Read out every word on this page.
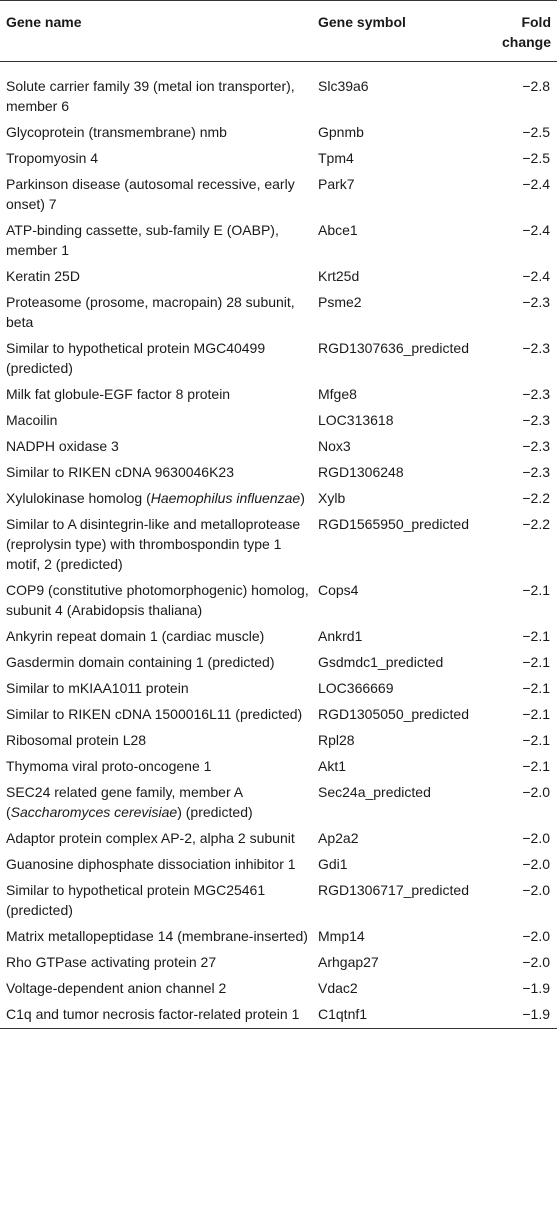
Gene name	Gene symbol	Fold
change
Solute carrier family 39 (metal ion transporter), member 6	Slc39a6	−2.8
Glycoprotein (transmembrane) nmb	Gpnmb	−2.5
Tropomyosin 4	Tpm4	−2.5
Parkinson disease (autosomal recessive, early onset) 7	Park7	−2.4
ATP-binding cassette, sub-family E (OABP), member 1	Abce1	−2.4
Keratin 25D	Krt25d	−2.4
Proteasome (prosome, macropain) 28 subunit, beta	Psme2	−2.3
Similar to hypothetical protein MGC40499 (predicted)	RGD1307636_predicted	−2.3
Milk fat globule-EGF factor 8 protein	Mfge8	−2.3
Macoilin	LOC313618	−2.3
NADPH oxidase 3	Nox3	−2.3
Similar to RIKEN cDNA 9630046K23	RGD1306248	−2.3
Xylulokinase homolog (Haemophilus influenzae)	Xylb	−2.2
Similar to A disintegrin-like and metalloprotease (reprolysin type) with thrombospondin type 1 motif, 2 (predicted)	RGD1565950_predicted	−2.2
COP9 (constitutive photomorphogenic) homolog, subunit 4 (Arabidopsis thaliana)	Cops4	−2.1
Ankyrin repeat domain 1 (cardiac muscle)	Ankrd1	−2.1
Gasdermin domain containing 1 (predicted)	Gsdmdc1_predicted	−2.1
Similar to mKIAA1011 protein	LOC366669	−2.1
Similar to RIKEN cDNA 1500016L11 (predicted)	RGD1305050_predicted	−2.1
Ribosomal protein L28	Rpl28	−2.1
Thymoma viral proto-oncogene 1	Akt1	−2.1
SEC24 related gene family, member A (Saccharomyces cerevisiae) (predicted)	Sec24a_predicted	−2.0
Adaptor protein complex AP-2, alpha 2 subunit	Ap2a2	−2.0
Guanosine diphosphate dissociation inhibitor 1	Gdi1	−2.0
Similar to hypothetical protein MGC25461 (predicted)	RGD1306717_predicted	−2.0
Matrix metallopeptidase 14 (membrane-inserted)	Mmp14	−2.0
Rho GTPase activating protein 27	Arhgap27	−2.0
Voltage-dependent anion channel 2	Vdac2	−1.9
C1q and tumor necrosis factor-related protein 1	C1qtnf1	−1.9
